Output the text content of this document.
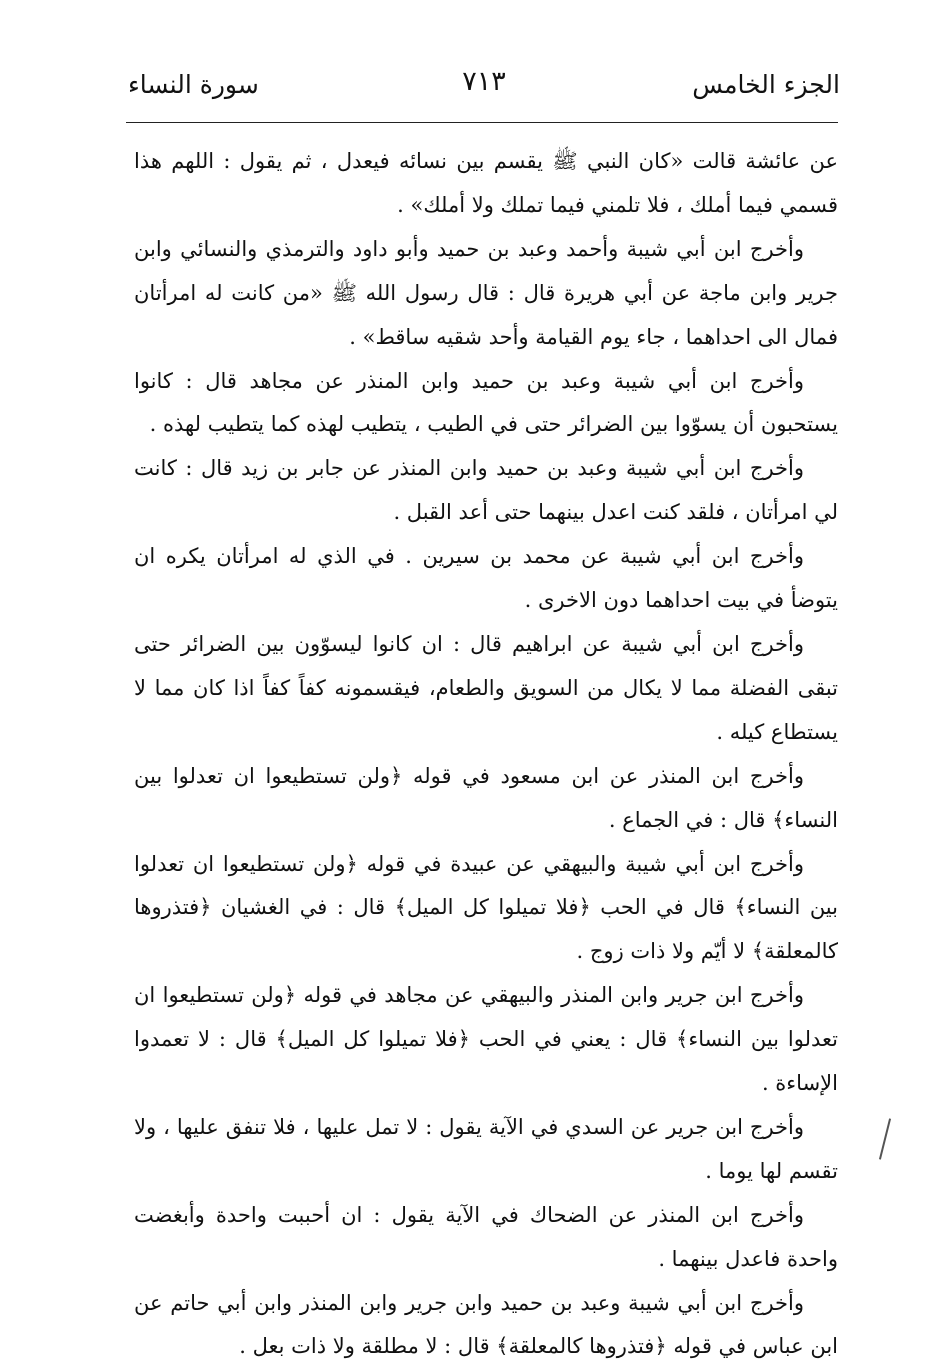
الجزء الخامس
٧١٣
سورة النساء

عن عائشة قالت «كان النبي ﷺ يقسم بين نسائه فيعدل ، ثم يقول : اللهم هذا قسمي فيما أملك ، فلا تلمني فيما تملك ولا أملك» .

وأخرج ابن أبي شيبة وأحمد وعبد بن حميد وأبو داود والترمذي والنسائي وابن جرير وابن ماجة عن أبي هريرة قال : قال رسول الله ﷺ «من كانت له امرأتان فمال الى احداهما ، جاء يوم القيامة وأحد شقيه ساقط» .

وأخرج ابن أبي شيبة وعبد بن حميد وابن المنذر عن مجاهد قال : كانوا يستحبون أن يسوّوا بين الضرائر حتى في الطيب ، يتطيب لهذه كما يتطيب لهذه .

وأخرج ابن أبي شيبة وعبد بن حميد وابن المنذر عن جابر بن زيد قال : كانت لي امرأتان ، فلقد كنت اعدل بينهما حتى أعد القبل .

وأخرج ابن أبي شيبة عن محمد بن سيرين . في الذي له امرأتان يكره ان يتوضأ في بيت احداهما دون الاخرى .

وأخرج ابن أبي شيبة عن ابراهيم قال : ان كانوا ليسوّون بين الضرائر حتى تبقى الفضلة مما لا يكال من السويق والطعام، فيقسمونه كفاً كفاً اذا كان مما لا يستطاع كيله .

وأخرج ابن المنذر عن ابن مسعود في قوله ﴿ولن تستطيعوا ان تعدلوا بين النساء﴾ قال : في الجماع .

وأخرج ابن أبي شيبة والبيهقي عن عبيدة في قوله ﴿ولن تستطيعوا ان تعدلوا بين النساء﴾ قال في الحب ﴿فلا تميلوا كل الميل﴾ قال : في الغشيان ﴿فتذروها كالمعلقة﴾ لا أيّم ولا ذات زوج .

وأخرج ابن جرير وابن المنذر والبيهقي عن مجاهد في قوله ﴿ولن تستطيعوا ان تعدلوا بين النساء﴾ قال : يعني في الحب ﴿فلا تميلوا كل الميل﴾ قال : لا تعمدوا الإساءة .

وأخرج ابن جرير عن السدي في الآية يقول : لا تمل عليها ، فلا تنفق عليها ، ولا تقسم لها يوما .

وأخرج ابن المنذر عن الضحاك في الآية يقول : ان أحببت واحدة وأبغضت واحدة فاعدل بينهما .

وأخرج ابن أبي شيبة وعبد بن حميد وابن جرير وابن المنذر وابن أبي حاتم عن ابن عباس في قوله ﴿فتذروها كالمعلقة﴾ قال : لا مطلقة ولا ذات بعل .
